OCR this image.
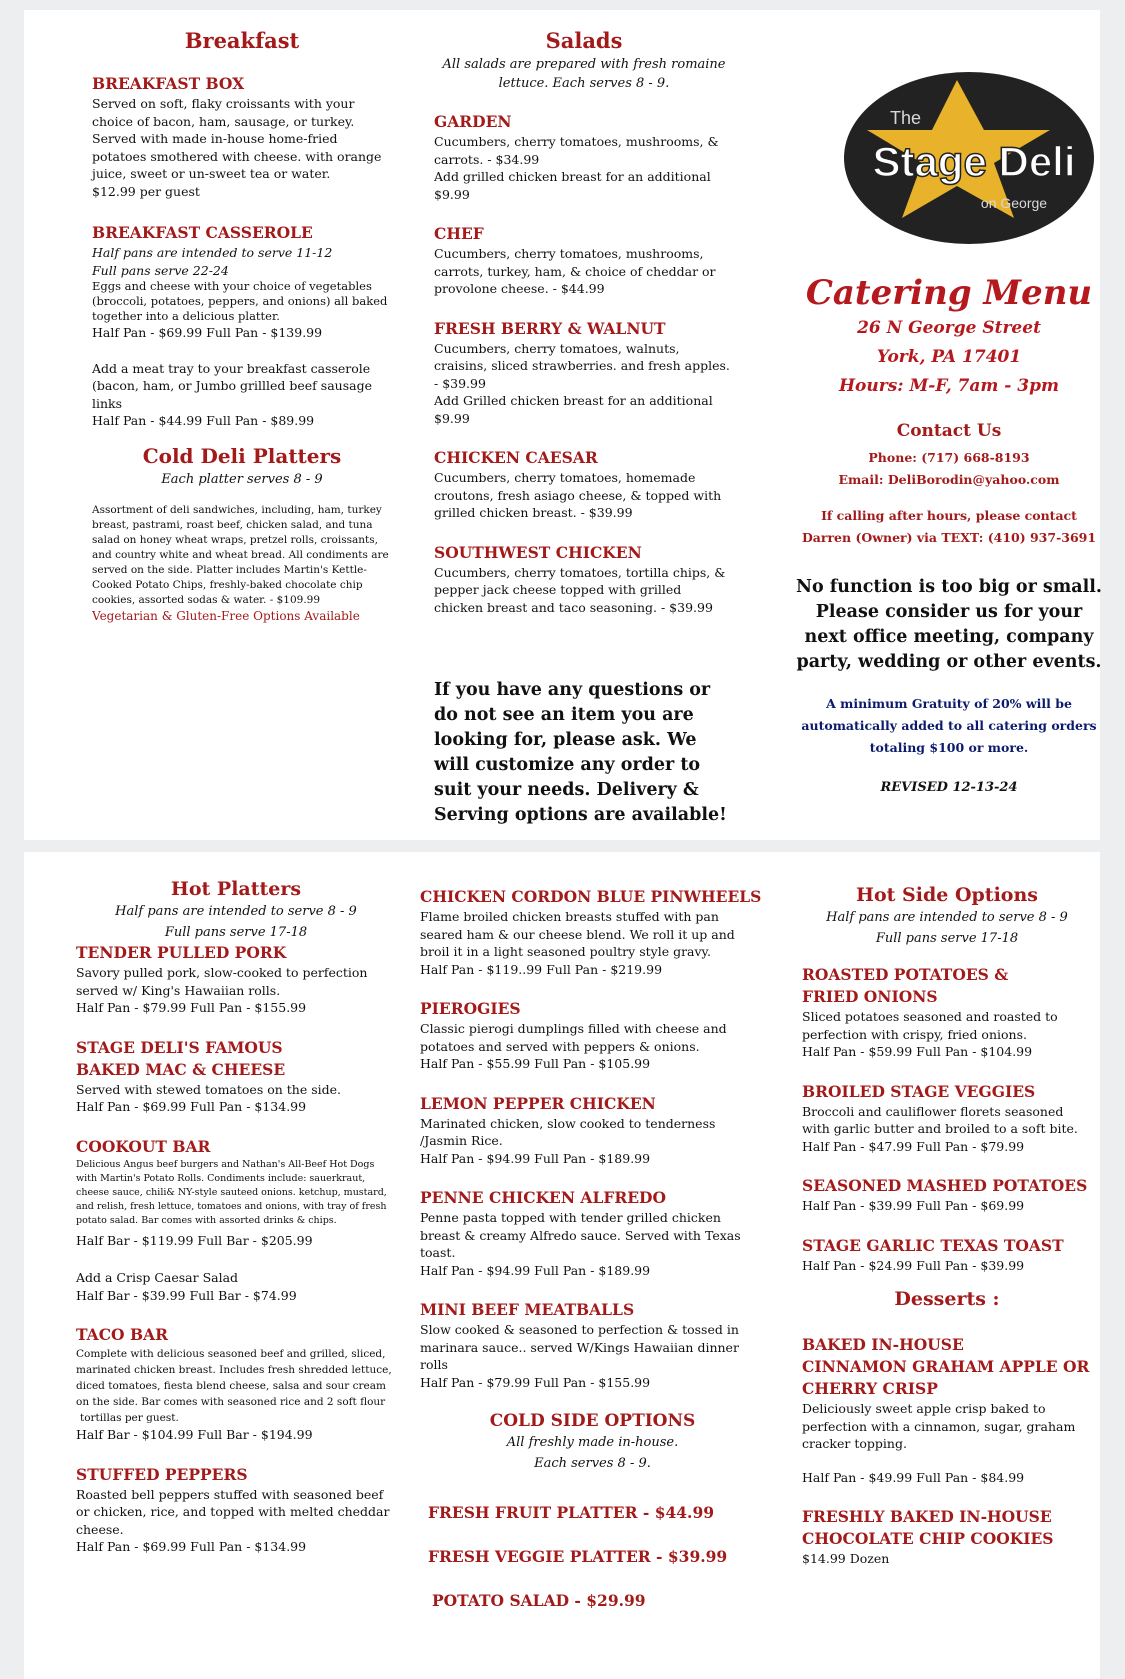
Breakfast

BREAKFAST BOX

Served on soft, flaky croissants with your choice of bacon, ham, sausage, or turkey. Served with made in-house home-fried potatoes smothered with cheese. with orange juice, sweet or un-sweet tea or water.

$12.99 per guest

BREAKFAST CASSEROLE

Half pans are intended to serve 11-12

Full pans serve 22-24

Eggs and cheese with your choice of vegetables (broccoli, potatoes, peppers, and onions) all baked together into a delicious platter.

Half Pan - $69.99 Full Pan - $139.99

Add a meat tray to your breakfast casserole (bacon, ham, or Jumbo grillled beef sausage links

Half Pan - $44.99 Full Pan - $89.99

Cold Deli Platters

Each platter serves 8 - 9

Assortment of deli sandwiches, including, ham, turkey breast, pastrami, roast beef, chicken salad, and tuna salad on honey wheat wraps, pretzel rolls, croissants, and country white and wheat bread. All condiments are served on the side. Platter includes Martin's Kettle-Cooked Potato Chips, freshly-baked chocolate chip cookies, assorted sodas & water. - $109.99

Vegetarian & Gluten-Free Options Available

Salads

All salads are prepared with fresh romaine lettuce. Each serves 8 - 9.

GARDEN

Cucumbers, cherry tomatoes, mushrooms, & carrots. - $34.99

Add grilled chicken breast for an additional $9.99

CHEF

Cucumbers, cherry tomatoes, mushrooms, carrots, turkey, ham, & choice of cheddar or provolone cheese. - $44.99

FRESH BERRY & WALNUT

Cucumbers, cherry tomatoes, walnuts, craisins, sliced strawberries. and fresh apples. - $39.99

Add Grilled chicken breast for an additional $9.99

CHICKEN CAESAR

Cucumbers, cherry tomatoes, homemade croutons, fresh asiago cheese, & topped with grilled chicken breast. - $39.99

SOUTHWEST CHICKEN

Cucumbers, cherry tomatoes, tortilla chips, & pepper jack cheese topped with grilled chicken breast and taco seasoning. - $39.99

If you have any questions or do not see an item you are looking for, please ask. We will customize any order to suit your needs. Delivery & Serving options are available!

The
Stage Deli
on George

Catering Menu

26 N George Street

York, PA 17401

Hours: M-F, 7am - 3pm

Contact Us

Phone: (717) 668-8193

Email: DeliBorodin@yahoo.com

If calling after hours, please contact

Darren (Owner) via TEXT: (410) 937-3691

No function is too big or small. Please consider us for your next office meeting, company party, wedding or other events.

A minimum Gratuity of 20% will be automatically added to all catering orders totaling $100 or more.

REVISED 12-13-24

Hot Platters

Half pans are intended to serve 8 - 9

Full pans serve 17-18

TENDER PULLED PORK

Savory pulled pork, slow-cooked to perfection served w/ King's Hawaiian rolls.

Half Pan - $79.99 Full Pan - $155.99

STAGE DELI'S FAMOUS

BAKED MAC & CHEESE

Served with stewed tomatoes on the side.

Half Pan - $69.99 Full Pan - $134.99

COOKOUT BAR

Delicious Angus beef burgers and Nathan's All-Beef Hot Dogs with Martin's Potato Rolls. Condiments include: sauerkraut, cheese sauce, chili& NY-style sauteed onions. ketchup, mustard, and relish, fresh lettuce, tomatoes and onions, with tray of fresh potato salad. Bar comes with assorted drinks & chips.

Half Bar - $119.99 Full Bar - $205.99

Add a Crisp Caesar Salad

Half Bar - $39.99 Full Bar - $74.99

TACO BAR

Complete with delicious seasoned beef and grilled, sliced, marinated chicken breast. Includes fresh shredded lettuce, diced tomatoes, fiesta blend cheese, salsa and sour cream on the side. Bar comes with seasoned rice and 2 soft flour

tortillas per guest.

Half Bar - $104.99 Full Bar - $194.99

STUFFED PEPPERS

Roasted bell peppers stuffed with seasoned beef or chicken, rice, and topped with melted cheddar cheese.

Half Pan - $69.99 Full Pan - $134.99

CHICKEN CORDON BLUE PINWHEELS

Flame broiled chicken breasts stuffed with pan seared ham & our cheese blend. We roll it up and broil it in a light seasoned poultry style gravy.

Half Pan - $119..99 Full Pan - $219.99

PIEROGIES

Classic pierogi dumplings filled with cheese and potatoes and served with peppers & onions.

Half Pan - $55.99 Full Pan - $105.99

LEMON PEPPER CHICKEN

Marinated chicken, slow cooked to tenderness /Jasmin Rice.

Half Pan - $94.99 Full Pan - $189.99

PENNE CHICKEN ALFREDO

Penne pasta topped with tender grilled chicken breast & creamy Alfredo sauce. Served with Texas toast.

Half Pan - $94.99 Full Pan - $189.99

MINI BEEF MEATBALLS

Slow cooked & seasoned to perfection & tossed in marinara sauce.. served W/Kings Hawaiian dinner rolls

Half Pan - $79.99 Full Pan - $155.99

COLD SIDE OPTIONS

All freshly made in-house.

Each serves 8 - 9.

FRESH FRUIT PLATTER - $44.99

FRESH VEGGIE PLATTER - $39.99

POTATO SALAD - $29.99

Hot Side Options

Half pans are intended to serve 8 - 9

Full pans serve 17-18

ROASTED POTATOES &

FRIED ONIONS

Sliced potatoes seasoned and roasted to perfection with crispy, fried onions.

Half Pan - $59.99 Full Pan - $104.99

BROILED STAGE VEGGIES

Broccoli and cauliflower florets seasoned with garlic butter and broiled to a soft bite.

Half Pan - $47.99 Full Pan - $79.99

SEASONED MASHED POTATOES

Half Pan - $39.99 Full Pan - $69.99

STAGE GARLIC TEXAS TOAST

Half Pan - $24.99 Full Pan - $39.99

Desserts :

BAKED IN-HOUSE

CINNAMON GRAHAM APPLE OR

CHERRY CRISP

Deliciously sweet apple crisp baked to perfection with a cinnamon, sugar, graham cracker topping.

Half Pan - $49.99 Full Pan - $84.99

FRESHLY BAKED IN-HOUSE

CHOCOLATE CHIP COOKIES

$14.99 Dozen
